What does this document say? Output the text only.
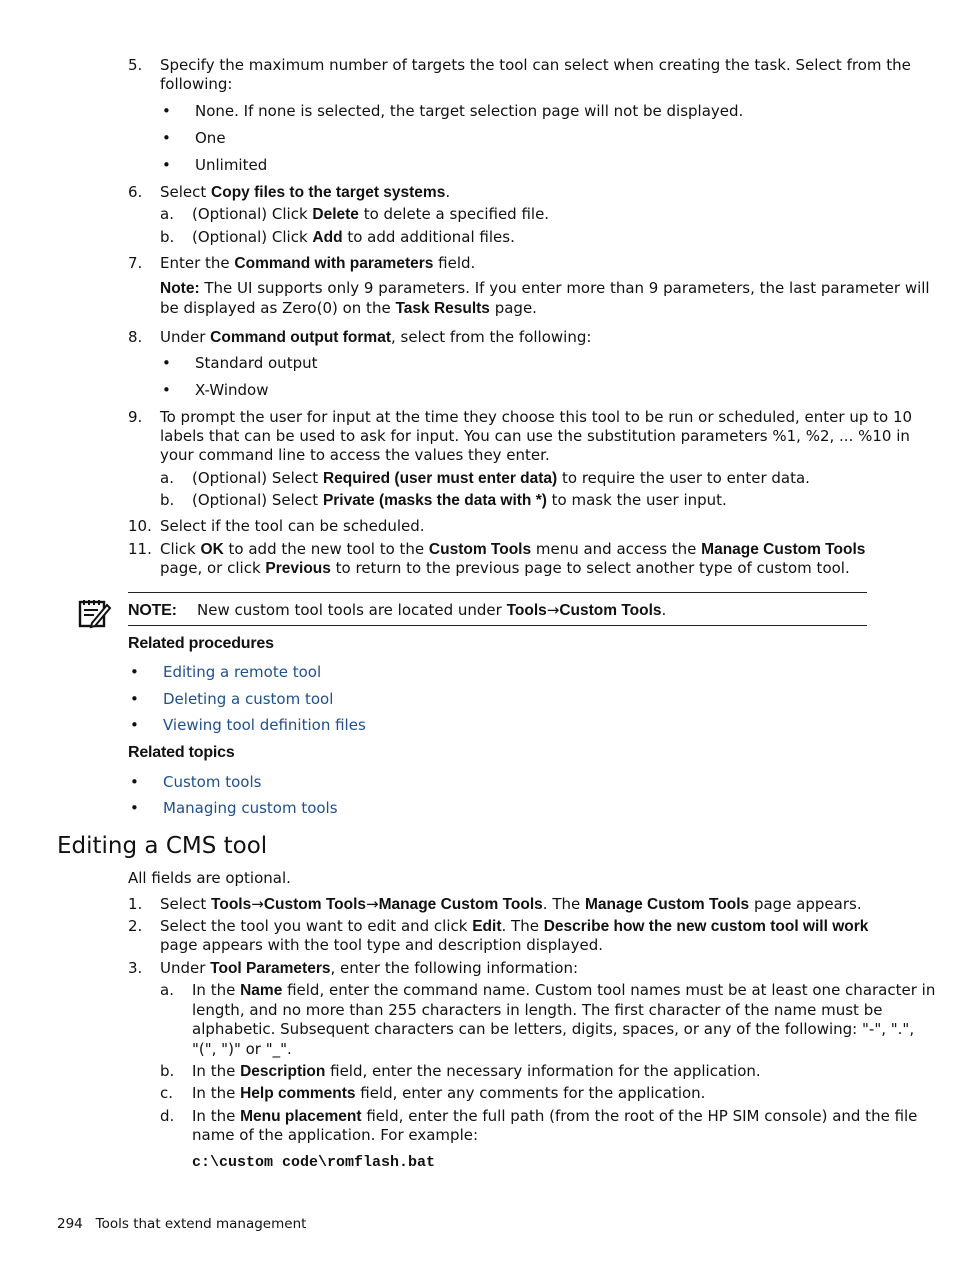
5. Specify the maximum number of targets the tool can select when creating the task. Select from the
following:
• None. If none is selected, the target selection page will not be displayed.
• One
• Unlimited
6. Select Copy files to the target systems.
a. (Optional) Click Delete to delete a specified file.
b. (Optional) Click Add to add additional files.
7. Enter the Command with parameters field.
Note: The UI supports only 9 parameters. If you enter more than 9 parameters, the last parameter will
be displayed as Zero(0) on the Task Results page.
8. Under Command output format, select from the following:
• Standard output
• X-Window
9. To prompt the user for input at the time they choose this tool to be run or scheduled, enter up to 10
labels that can be used to ask for input. You can use the substitution parameters %1, %2, ... %10 in
your command line to access the values they enter.
a. (Optional) Select Required (user must enter data) to require the user to enter data.
b. (Optional) Select Private (masks the data with *) to mask the user input.
10. Select if the tool can be scheduled.
11. Click OK to add the new tool to the Custom Tools menu and access the Manage Custom Tools
page, or click Previous to return to the previous page to select another type of custom tool.
NOTE: New custom tool tools are located under Tools→Custom Tools.
Related procedures
• Editing a remote tool
• Deleting a custom tool
• Viewing tool definition files
Related topics
• Custom tools
• Managing custom tools
Editing a CMS tool
All fields are optional.
1. Select Tools→Custom Tools→Manage Custom Tools. The Manage Custom Tools page appears.
2. Select the tool you want to edit and click Edit. The Describe how the new custom tool will work
page appears with the tool type and description displayed.
3. Under Tool Parameters, enter the following information:
a. In the Name field, enter the command name. Custom tool names must be at least one character in
length, and no more than 255 characters in length. The first character of the name must be
alphabetic. Subsequent characters can be letters, digits, spaces, or any of the following: "-", ".",
"(", ")" or "_".
b. In the Description field, enter the necessary information for the application.
c. In the Help comments field, enter any comments for the application.
d. In the Menu placement field, enter the full path (from the root of the HP SIM console) and the file
name of the application. For example:
c:\custom code\romflash.bat
294 Tools that extend management
